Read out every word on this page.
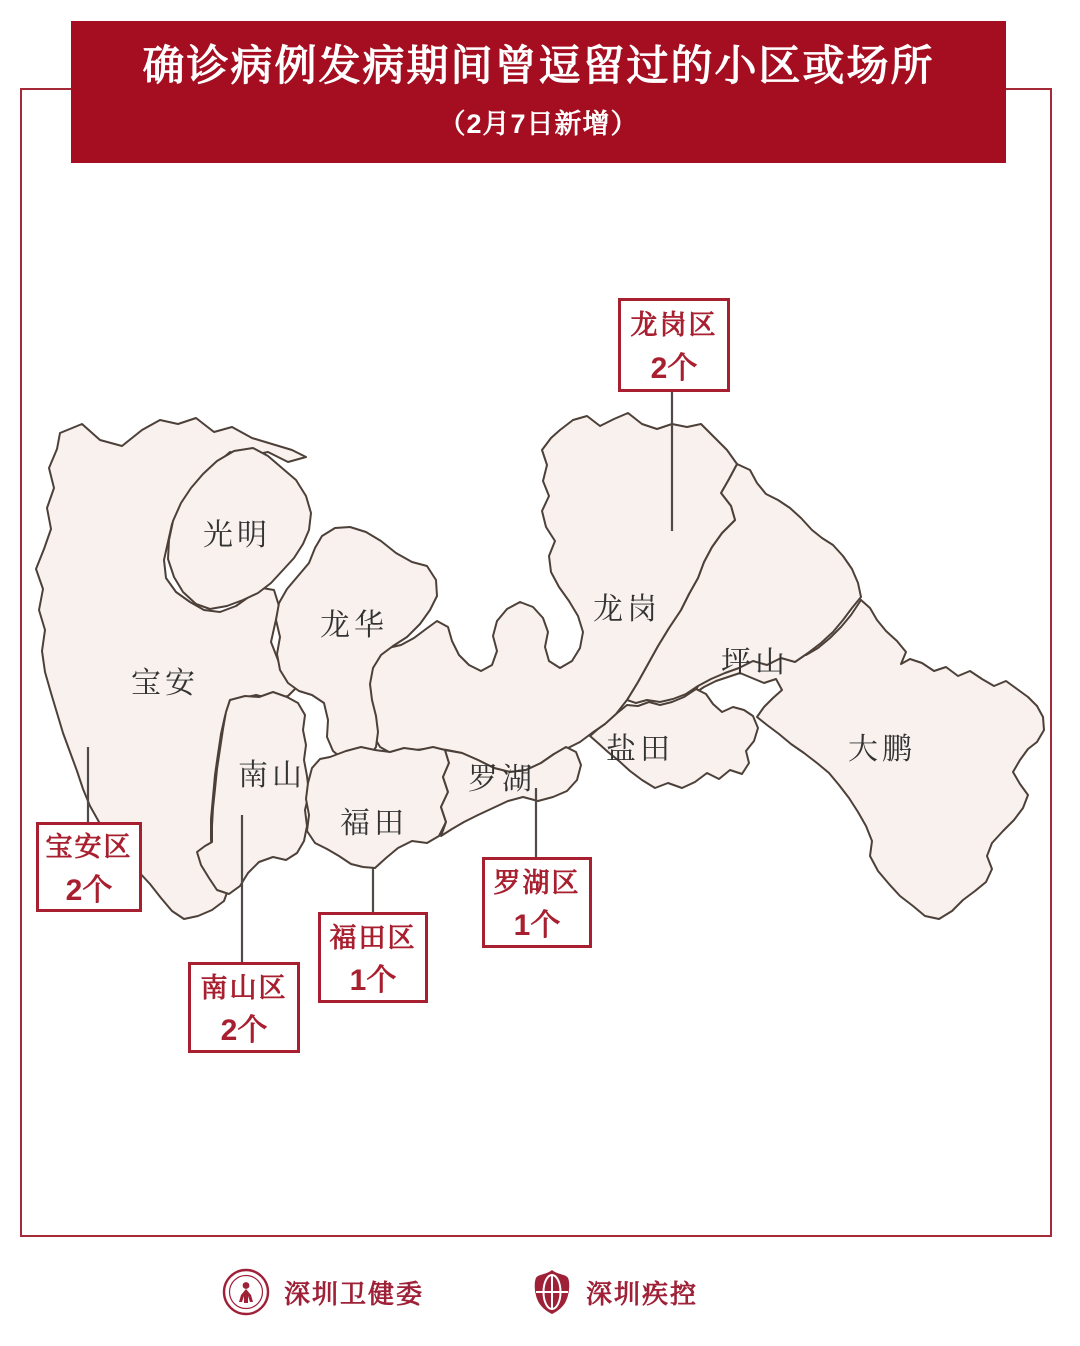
确诊病例发病期间曾逗留过的小区或场所
（2月7日新增）
宝安
光明
龙华
南山
福田
罗湖
龙岗
盐田
坪山
大鹏
龙岗区
2个
宝安区
2个
南山区
2个
福田区
1个
罗湖区
1个
深圳卫健委	深圳疾控
